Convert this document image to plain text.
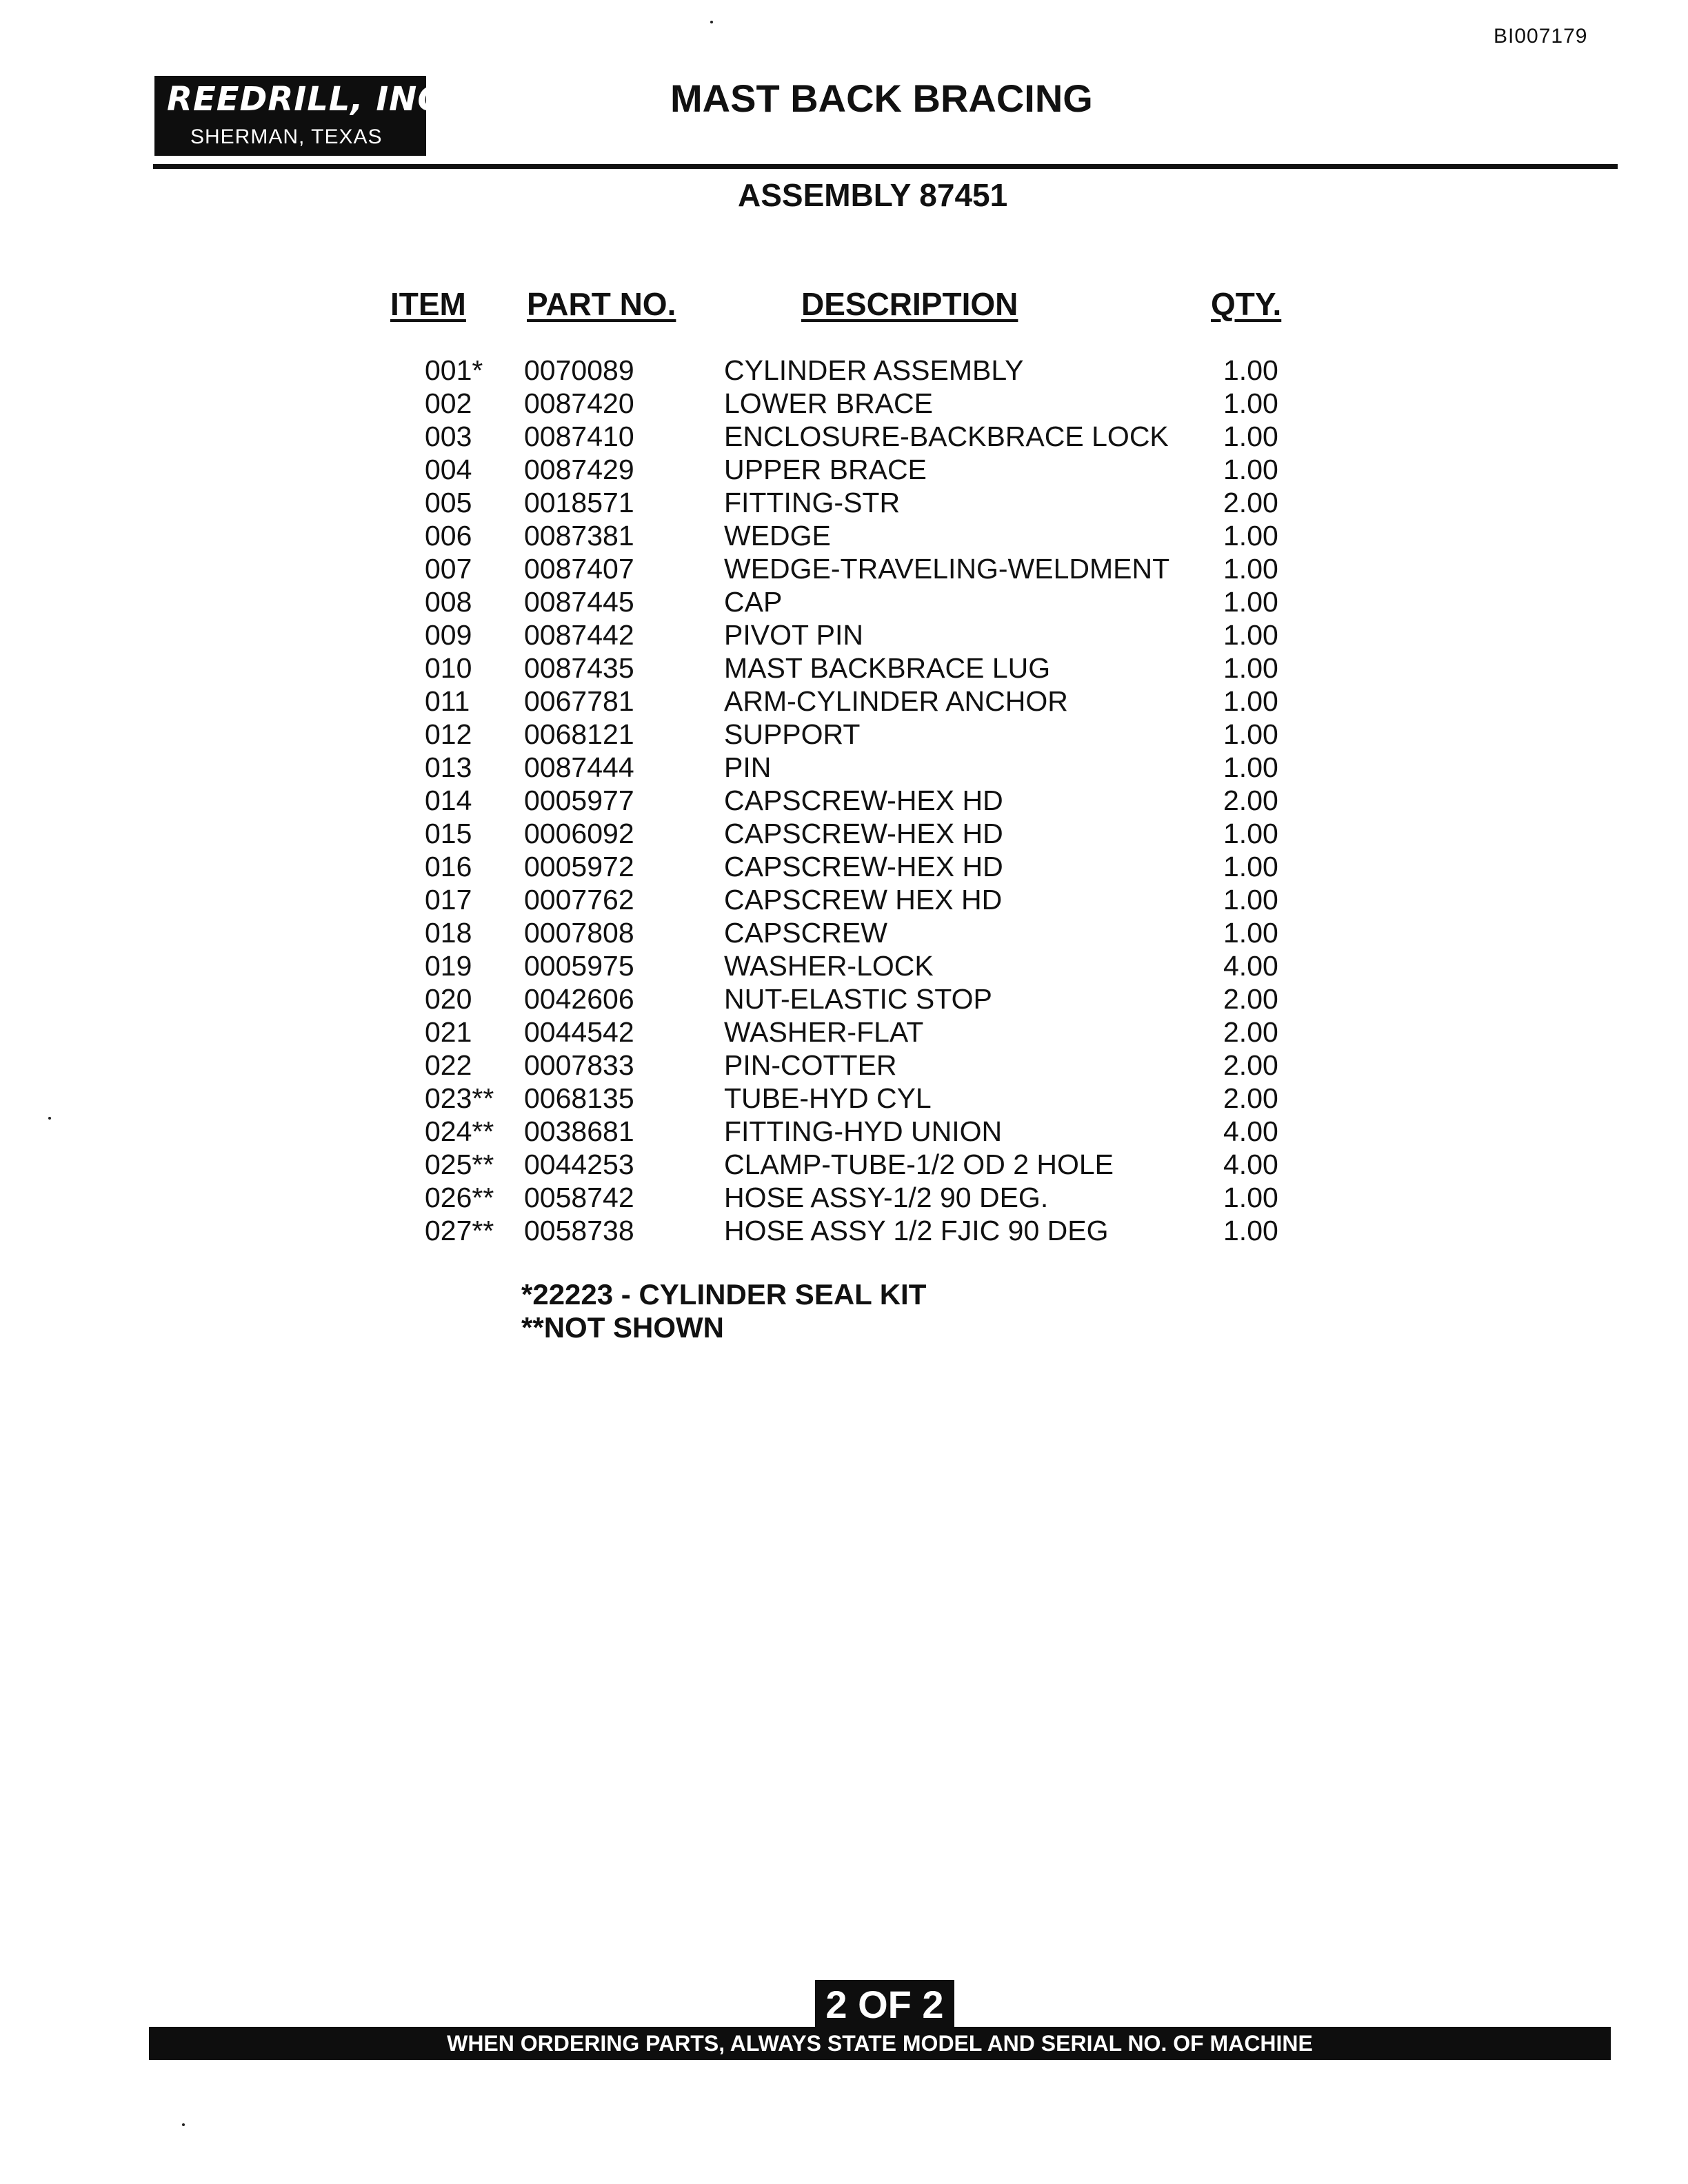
BI007179
REEDRILL, INC.
SHERMAN, TEXAS
MAST BACK BRACING
ASSEMBLY 87451
ITEM PART NO.	DESCRIPTION	QTY.
001* 0070089	CYLINDER ASSEMBLY	1.00
002 0087420	LOWER BRACE	1.00
003 0087410	ENCLOSURE-BACKBRACE LOCK 1.00
004 0087429	UPPER BRACE	1.00
005 0018571	FITTING-STR	2.00
006 0087381	WEDGE	1.00
007 0087407	WEDGE-TRAVELING-WELDMENT 1.00
008 0087445	CAP	1.00
009 0087442	PIVOT PIN	1.00
010 0087435	MAST BACKBRACE LUG	1.00
011 0067781	ARM-CYLINDER ANCHOR	1.00
012 0068121	SUPPORT	1.00
013 0087444	PIN	1.00
014 0005977	CAPSCREW-HEX HD	2.00
015 0006092	CAPSCREW-HEX HD	1.00
016 0005972	CAPSCREW-HEX HD	1.00
017 0007762	CAPSCREW HEX HD	1.00
018 0007808	CAPSCREW	1.00
019 0005975	WASHER-LOCK	4.00
020 0042606	NUT-ELASTIC STOP	2.00
021 0044542	WASHER-FLAT	2.00
022 0007833	PIN-COTTER	2.00
023** 0068135	TUBE-HYD CYL	2.00
024** 0038681	FITTING-HYD UNION	4.00
025** 0044253	CLAMP-TUBE-1/2 OD 2 HOLE	4.00
026** 0058742	HOSE ASSY-1/2 90 DEG.	1.00
027** 0058738	HOSE ASSY 1/2 FJIC 90 DEG	1.00
*22223 - CYLINDER SEAL KIT
**NOT SHOWN
2 OF 2
WHEN ORDERING PARTS, ALWAYS STATE MODEL AND SERIAL NO. OF MACHINE
